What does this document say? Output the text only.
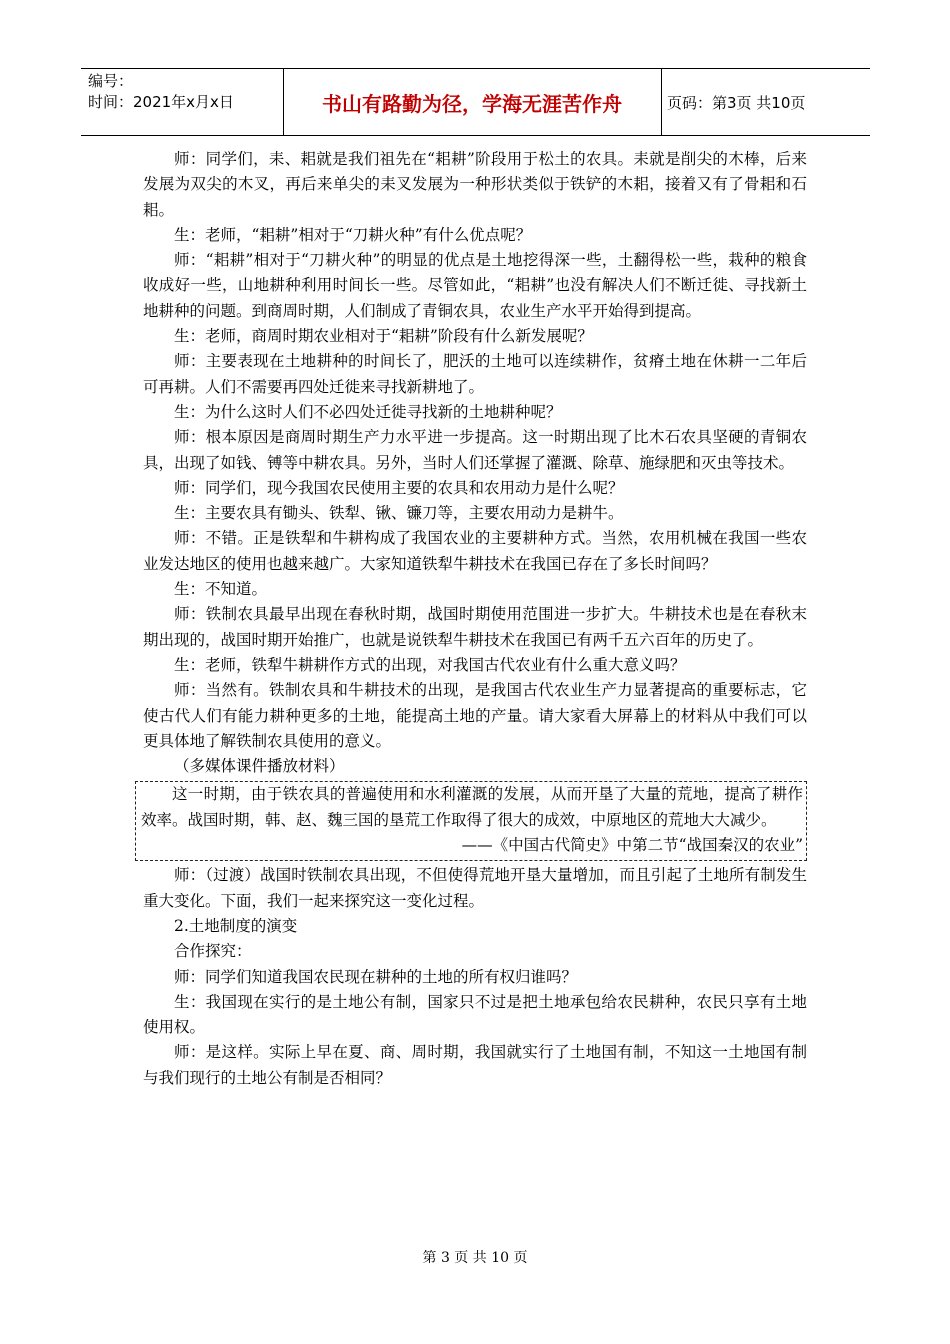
编号：
时间：2021年x月x日	书山有路勤为径，学海无涯苦作舟	页码：第3页 共10页

师：同学们，耒、耜就是我们祖先在“耜耕”阶段用于松土的农具。耒就是削尖的木棒，后来发展为双尖的木叉，再后来单尖的耒叉发展为一种形状类似于铁铲的木耜，接着又有了骨耜和石耜。

生：老师，“耜耕”相对于“刀耕火种”有什么优点呢？

师：“耜耕”相对于“刀耕火种”的明显的优点是土地挖得深一些，土翻得松一些，栽种的粮食收成好一些，山地耕种利用时间长一些。尽管如此，“耜耕”也没有解决人们不断迁徙、寻找新土地耕种的问题。到商周时期，人们制成了青铜农具，农业生产水平开始得到提高。

生：老师，商周时期农业相对于“耜耕”阶段有什么新发展呢？

师：主要表现在土地耕种的时间长了，肥沃的土地可以连续耕作，贫瘠土地在休耕一二年后可再耕。人们不需要再四处迁徙来寻找新耕地了。

生：为什么这时人们不必四处迁徙寻找新的土地耕种呢？

师：根本原因是商周时期生产力水平进一步提高。这一时期出现了比木石农具坚硬的青铜农具，出现了如钱、镈等中耕农具。另外，当时人们还掌握了灌溉、除草、施绿肥和灭虫等技术。

师：同学们，现今我国农民使用主要的农具和农用动力是什么呢？

生：主要农具有锄头、铁犁、锹、镰刀等，主要农用动力是耕牛。

师：不错。正是铁犁和牛耕构成了我国农业的主要耕种方式。当然，农用机械在我国一些农业发达地区的使用也越来越广。大家知道铁犁牛耕技术在我国已存在了多长时间吗？

生：不知道。

师：铁制农具最早出现在春秋时期，战国时期使用范围进一步扩大。牛耕技术也是在春秋末期出现的，战国时期开始推广，也就是说铁犁牛耕技术在我国已有两千五六百年的历史了。

生：老师，铁犁牛耕耕作方式的出现，对我国古代农业有什么重大意义吗？

师：当然有。铁制农具和牛耕技术的出现，是我国古代农业生产力显著提高的重要标志，它使古代人们有能力耕种更多的土地，能提高土地的产量。请大家看大屏幕上的材料从中我们可以更具体地了解铁制农具使用的意义。

（多媒体课件播放材料）

这一时期，由于铁农具的普遍使用和水利灌溉的发展，从而开垦了大量的荒地，提高了耕作效率。战国时期，韩、赵、魏三国的垦荒工作取得了很大的成效，中原地区的荒地大大减少。

——《中国古代简史》中第二节“战国秦汉的农业”

师：（过渡）战国时铁制农具出现，不但使得荒地开垦大量增加，而且引起了土地所有制发生重大变化。下面，我们一起来探究这一变化过程。

2.土地制度的演变

合作探究：

师：同学们知道我国农民现在耕种的土地的所有权归谁吗？

生：我国现在实行的是土地公有制，国家只不过是把土地承包给农民耕种，农民只享有土地使用权。

师：是这样。实际上早在夏、商、周时期，我国就实行了土地国有制，不知这一土地国有制与我们现行的土地公有制是否相同？

第 3 页 共 10 页
